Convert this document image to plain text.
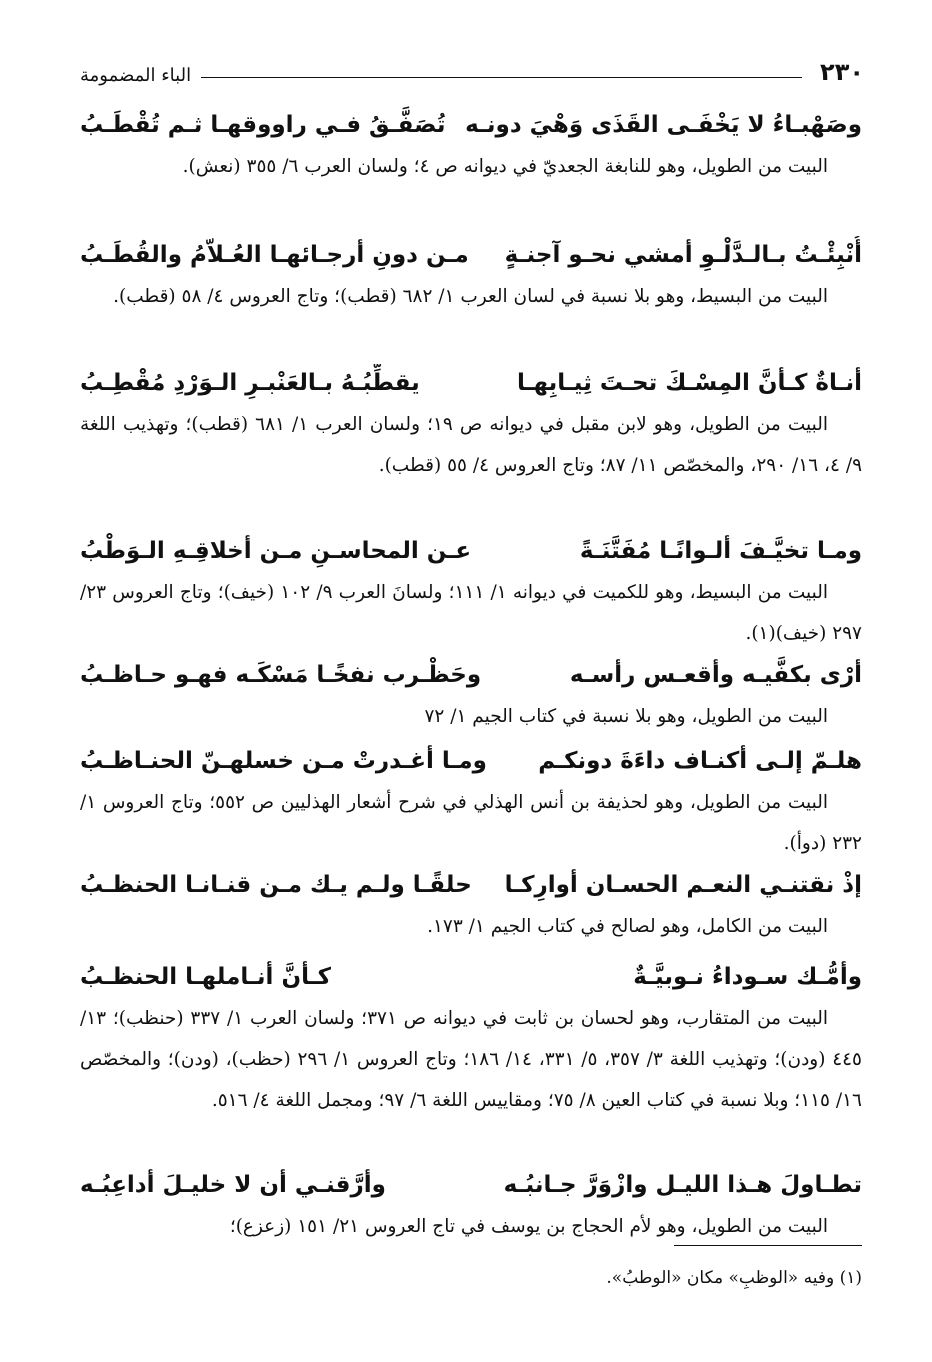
٢٣٠
الباء المضمومة
وصَهْبـاءُ لا يَخْفَـى القَذَى وَهْيَ دونـه
تُصَفَّـقُ فـي راووقهـا ثـم تُقْطَـبُ
البيت من الطويل، وهو للنابغة الجعديّ في ديوانه ص ٤؛ ولسان العرب ٦/ ٣٥٥ (نعش).
أُنْبِئْـتُ بـالـدَّلْـوِ أمشي نحـو آجنـةٍ
مـن دونِ أرجـائهـا العُـلاّمُ والقُطَـبُ
البيت من البسيط، وهو بلا نسبة في لسان العرب ١/ ٦٨٢ (قطب)؛ وتاج العروس ٤/ ٥٨ (قطب).
أنـاةٌ كـأنَّ المِسْـكَ تحـتَ ثِيـابِهـا
يقطِّبُـهُ بـالعَنْبـرِ الـوَرْدِ مُقْطِـبُ
البيت من الطويل، وهو لابن مقبل في ديوانه ص ١٩؛ ولسان العرب ١/ ٦٨١ (قطب)؛ وتهذيب اللغة ٩/ ٤، ١٦/ ٢٩٠، والمخصّص ١١/ ٨٧؛ وتاج العروس ٤/ ٥٥ (قطب).
ومـا تخيَّـفَ ألـوانًـا مُفَتَّنَـةً
عـن المحاسـنِ مـن أخلاقِـهِ الـوَطْبُ
البيت من البسيط، وهو للكميت في ديوانه ١/ ١١١؛ ولسانَ العرب ٩/ ١٠٢ (خيف)؛ وتاج العروس ٢٣/ ٢٩٧ (خيف)(١).
أرْى بكفَّيـه وأقعـس رأسـه
وحَظْـرب نفخًـا مَسْكَـه فهـو حـاظـبُ
البيت من الطويل، وهو بلا نسبة في كتاب الجيم ١/ ٧٢
هلـمّ إلـى أكنـاف داءَةَ دونكـم
ومـا أغـدرتْ مـن خسلهـنّ الحنـاظـبُ
البيت من الطويل، وهو لحذيفة بن أنس الهذلي في شرح أشعار الهذليين ص ٥٥٢؛ وتاج العروس ١/ ٢٣٢ (دوأ).
إذْ نقتنـي النعـم الحسـان أوارِكـا
حلقًـا ولـم يـك مـن قنـانـا الحنظـبُ
البيت من الكامل، وهو لصالح في كتاب الجيم ١/ ١٧٣.
وأمُّـك سـوداءُ نـوبيَّـةٌ
كـأنَّ أنـاملهـا الحنظـبُ
البيت من المتقارب، وهو لحسان بن ثابت في ديوانه ص ٣٧١؛ ولسان العرب ١/ ٣٣٧ (حنظب)؛ ١٣/ ٤٤٥ (ودن)؛ وتهذيب اللغة ٣/ ٣٥٧، ٥/ ٣٣١، ١٤/ ١٨٦؛ وتاج العروس ١/ ٢٩٦ (حظب)، (ودن)؛ والمخصّص ١٦/ ١١٥؛ وبلا نسبة في كتاب العين ٨/ ٧٥؛ ومقاييس اللغة ٦/ ٩٧؛ ومجمل اللغة ٤/ ٥١٦.
تطـاولَ هـذا الليـل وازْوَرَّ جـانبُـه
وأرَّقنـي أن لا خليـلَ أداعِبُـه
البيت من الطويل، وهو لأم الحجاج بن يوسف في تاج العروس ٢١/ ١٥١ (زعزع)؛
(١) وفيه «الوظبِ» مكان «الوطبُ».
